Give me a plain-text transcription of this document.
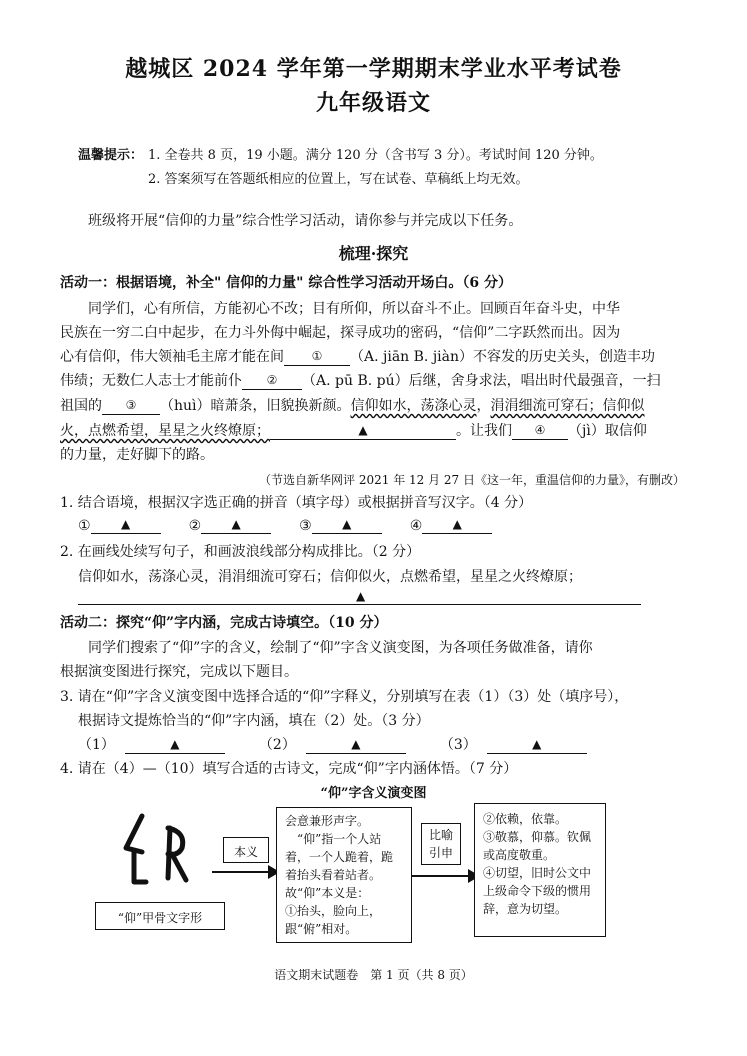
越城区 2024 学年第一学期期末学业水平考试卷
九年级语文
温馨提示： 1. 全卷共 8 页，19 小题。满分 120 分（含书写 3 分）。考试时间 120 分钟。
2. 答案须写在答题纸相应的位置上，写在试卷、草稿纸上均无效。
班级将开展“信仰的力量”综合性学习活动，请你参与并完成以下任务。
梳理·探究
活动一：根据语境，补全" 信仰的力量" 综合性学习活动开场白。（6 分）
同学们，心有所信，方能初心不改；目有所仰，所以奋斗不止。回顾百年奋斗史，中华
民族在一穷二白中起步，在力斗外侮中崛起，探寻成功的密码，“信仰”二字跃然而出。因为
心有信仰，伟大领袖毛主席才能在间 ① （A. jiān B. jiàn）不容发的历史关头，创造丰功
伟绩；无数仁人志士才能前仆 ② （A. pū B. pú）后继，舍身求法，唱出时代最强音，一扫
祖国的 ③ （huì）暗萧条，旧貌换新颜。信仰如水，荡涤心灵，涓涓细流可穿石；信仰似
火，点燃希望，星星之火终燎原；	▲	。让我们 ④ （jì）取信仰
的力量，走好脚下的路。
（节选自新华网评 2021 年 12 月 27 日《这一年，重温信仰的力量》，有删改）
1. 结合语境，根据汉字选正确的拼音（填字母）或根据拼音写汉字。（4 分）
①	▲	②	▲	③	▲	④	▲
2. 在画线处续写句子，和画波浪线部分构成排比。（2 分）
信仰如水，荡涤心灵，涓涓细流可穿石；信仰似火，点燃希望，星星之火终燎原；
▲
活动二：探究“仰”字内涵，完成古诗填空。（10 分）
同学们搜索了“仰”字的含义，绘制了“仰”字含义演变图，为各项任务做准备，请你
根据演变图进行探究，完成以下题目。
3. 请在“仰”字含义演变图中选择合适的“仰”字释义，分别填写在表（1）（3）处（填序号），
根据诗文提炼恰当的“仰”字内涵，填在（2）处。（3 分）
（1）	▲	（2）	▲	（3）	▲
4. 请在（4）—（10）填写合适的古诗文，完成“仰”字内涵体悟。（7 分）
“仰”字含义演变图
“仰”甲骨文字形
本义
会意兼形声字。
“仰”指一个人站着，一个人跪着，跪着抬头看着站者。故“仰”本义是：
①抬头，脸向上，跟“俯”相对。
比喻
引申
②依赖，依靠。
③敬慕，仰慕。钦佩或高度敬重。
④切望，旧时公文中上级命令下级的惯用辞，意为切望。
语文期末试题卷　第 1 页（共 8 页）
